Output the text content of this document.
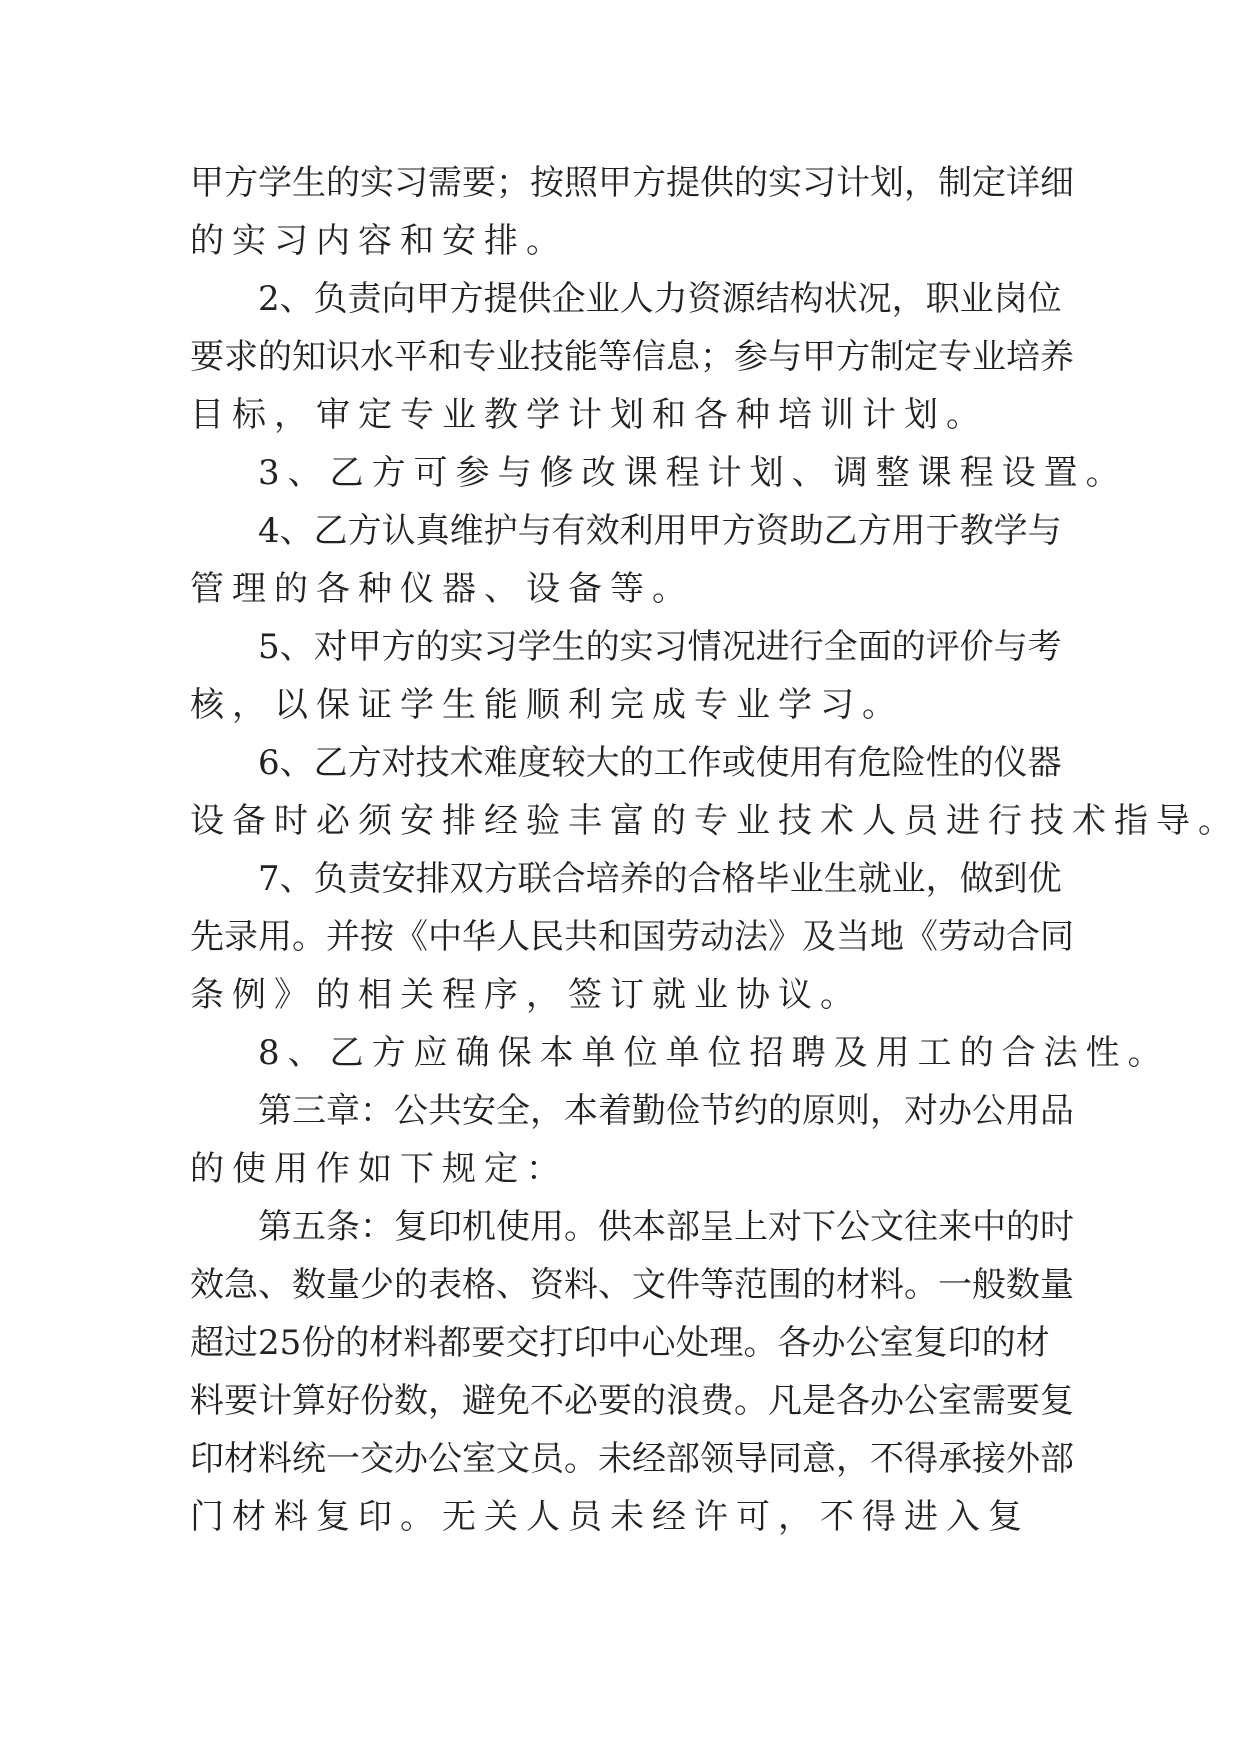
甲 方 学 生 的 实 习 需 要 ； 按 照 甲 方 提 供 的 实 习 计 划 ， 制 定 详 细
的实习内容和安排。
2 、 负 责 向 甲 方 提 供 企 业 人 力 资 源 结 构 状 况 ， 职 业 岗 位
要 求 的 知 识 水 平 和 专 业 技 能 等 信 息 ； 参 与 甲 方 制 定 专 业 培 养
目标，审定专业教学计划和各种培训计划。
3、乙方可参与修改课程计划、调整课程设置。
4 、 乙 方 认 真 维 护 与 有 效 利 用 甲 方 资 助 乙 方 用 于 教 学 与
管理的各种仪器、设备等。
5 、 对 甲 方 的 实 习 学 生 的 实 习 情 况 进 行 全 面 的 评 价 与 考
核，以保证学生能顺利完成专业学习。
6 、 乙 方 对 技 术 难 度 较 大 的 工 作 或 使 用 有 危 险 性 的 仪 器
设备时必须安排经验丰富的专业技术人员进行技术指导。
7 、 负 责 安 排 双 方 联 合 培 养 的 合 格 毕 业 生 就 业 ， 做 到 优
先 录 用 。 并 按 《 中 华 人 民 共 和 国 劳 动 法 》 及 当 地 《 劳 动 合 同
条例》的相关程序，签订就业协议。
8、乙方应确保本单位单位招聘及用工的合法性。
第 三 章 ： 公 共 安 全 ， 本 着 勤 俭 节 约 的 原 则 ， 对 办 公 用 品
的使用作如下规定：
第 五 条 ： 复 印 机 使 用 。 供 本 部 呈 上 对 下 公 文 往 来 中 的 时
效 急 、 数 量 少 的 表 格 、 资 料 、 文 件 等 范 围 的 材 料 。 一 般 数 量
超 过 25 份 的 材 料 都 要 交 打 印 中 心 处 理 。 各 办 公 室 复 印 的 材
料 要 计 算 好 份 数 ， 避 免 不 必 要 的 浪 费 。 凡 是 各 办 公 室 需 要 复
印 材 料 统 一 交 办 公 室 文 员 。 未 经 部 领 导 同 意 ， 不 得 承 接 外 部
门材料复印。无关人员未经许可，不得进入复
